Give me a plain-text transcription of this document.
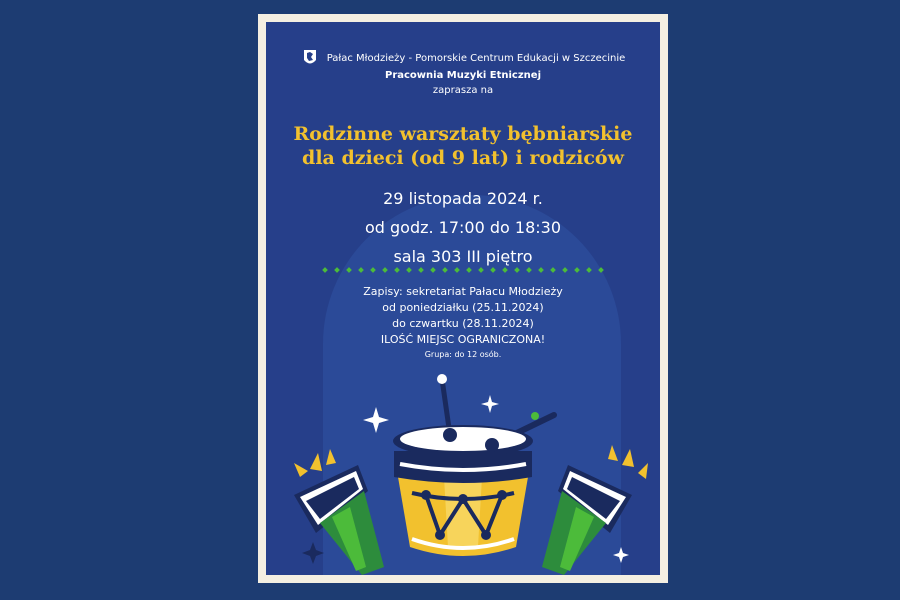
Pałac Młodzieży - Pomorskie Centrum Edukacji w Szczecinie
Pracownia Muzyki Etnicznej
zaprasza na
Rodzinne warsztaty bębniarskie
dla dzieci (od 9 lat) i rodziców
29 listopada 2024 r.
od godz. 17:00 do 18:30
sala 303 III piętro
Zapisy: sekretariat Pałacu Młodzieży
od poniedziałku (25.11.2024)
do czwartku (28.11.2024)
ILOŚĆ MIEJSC OGRANICZONA!
Grupa: do 12 osób.
